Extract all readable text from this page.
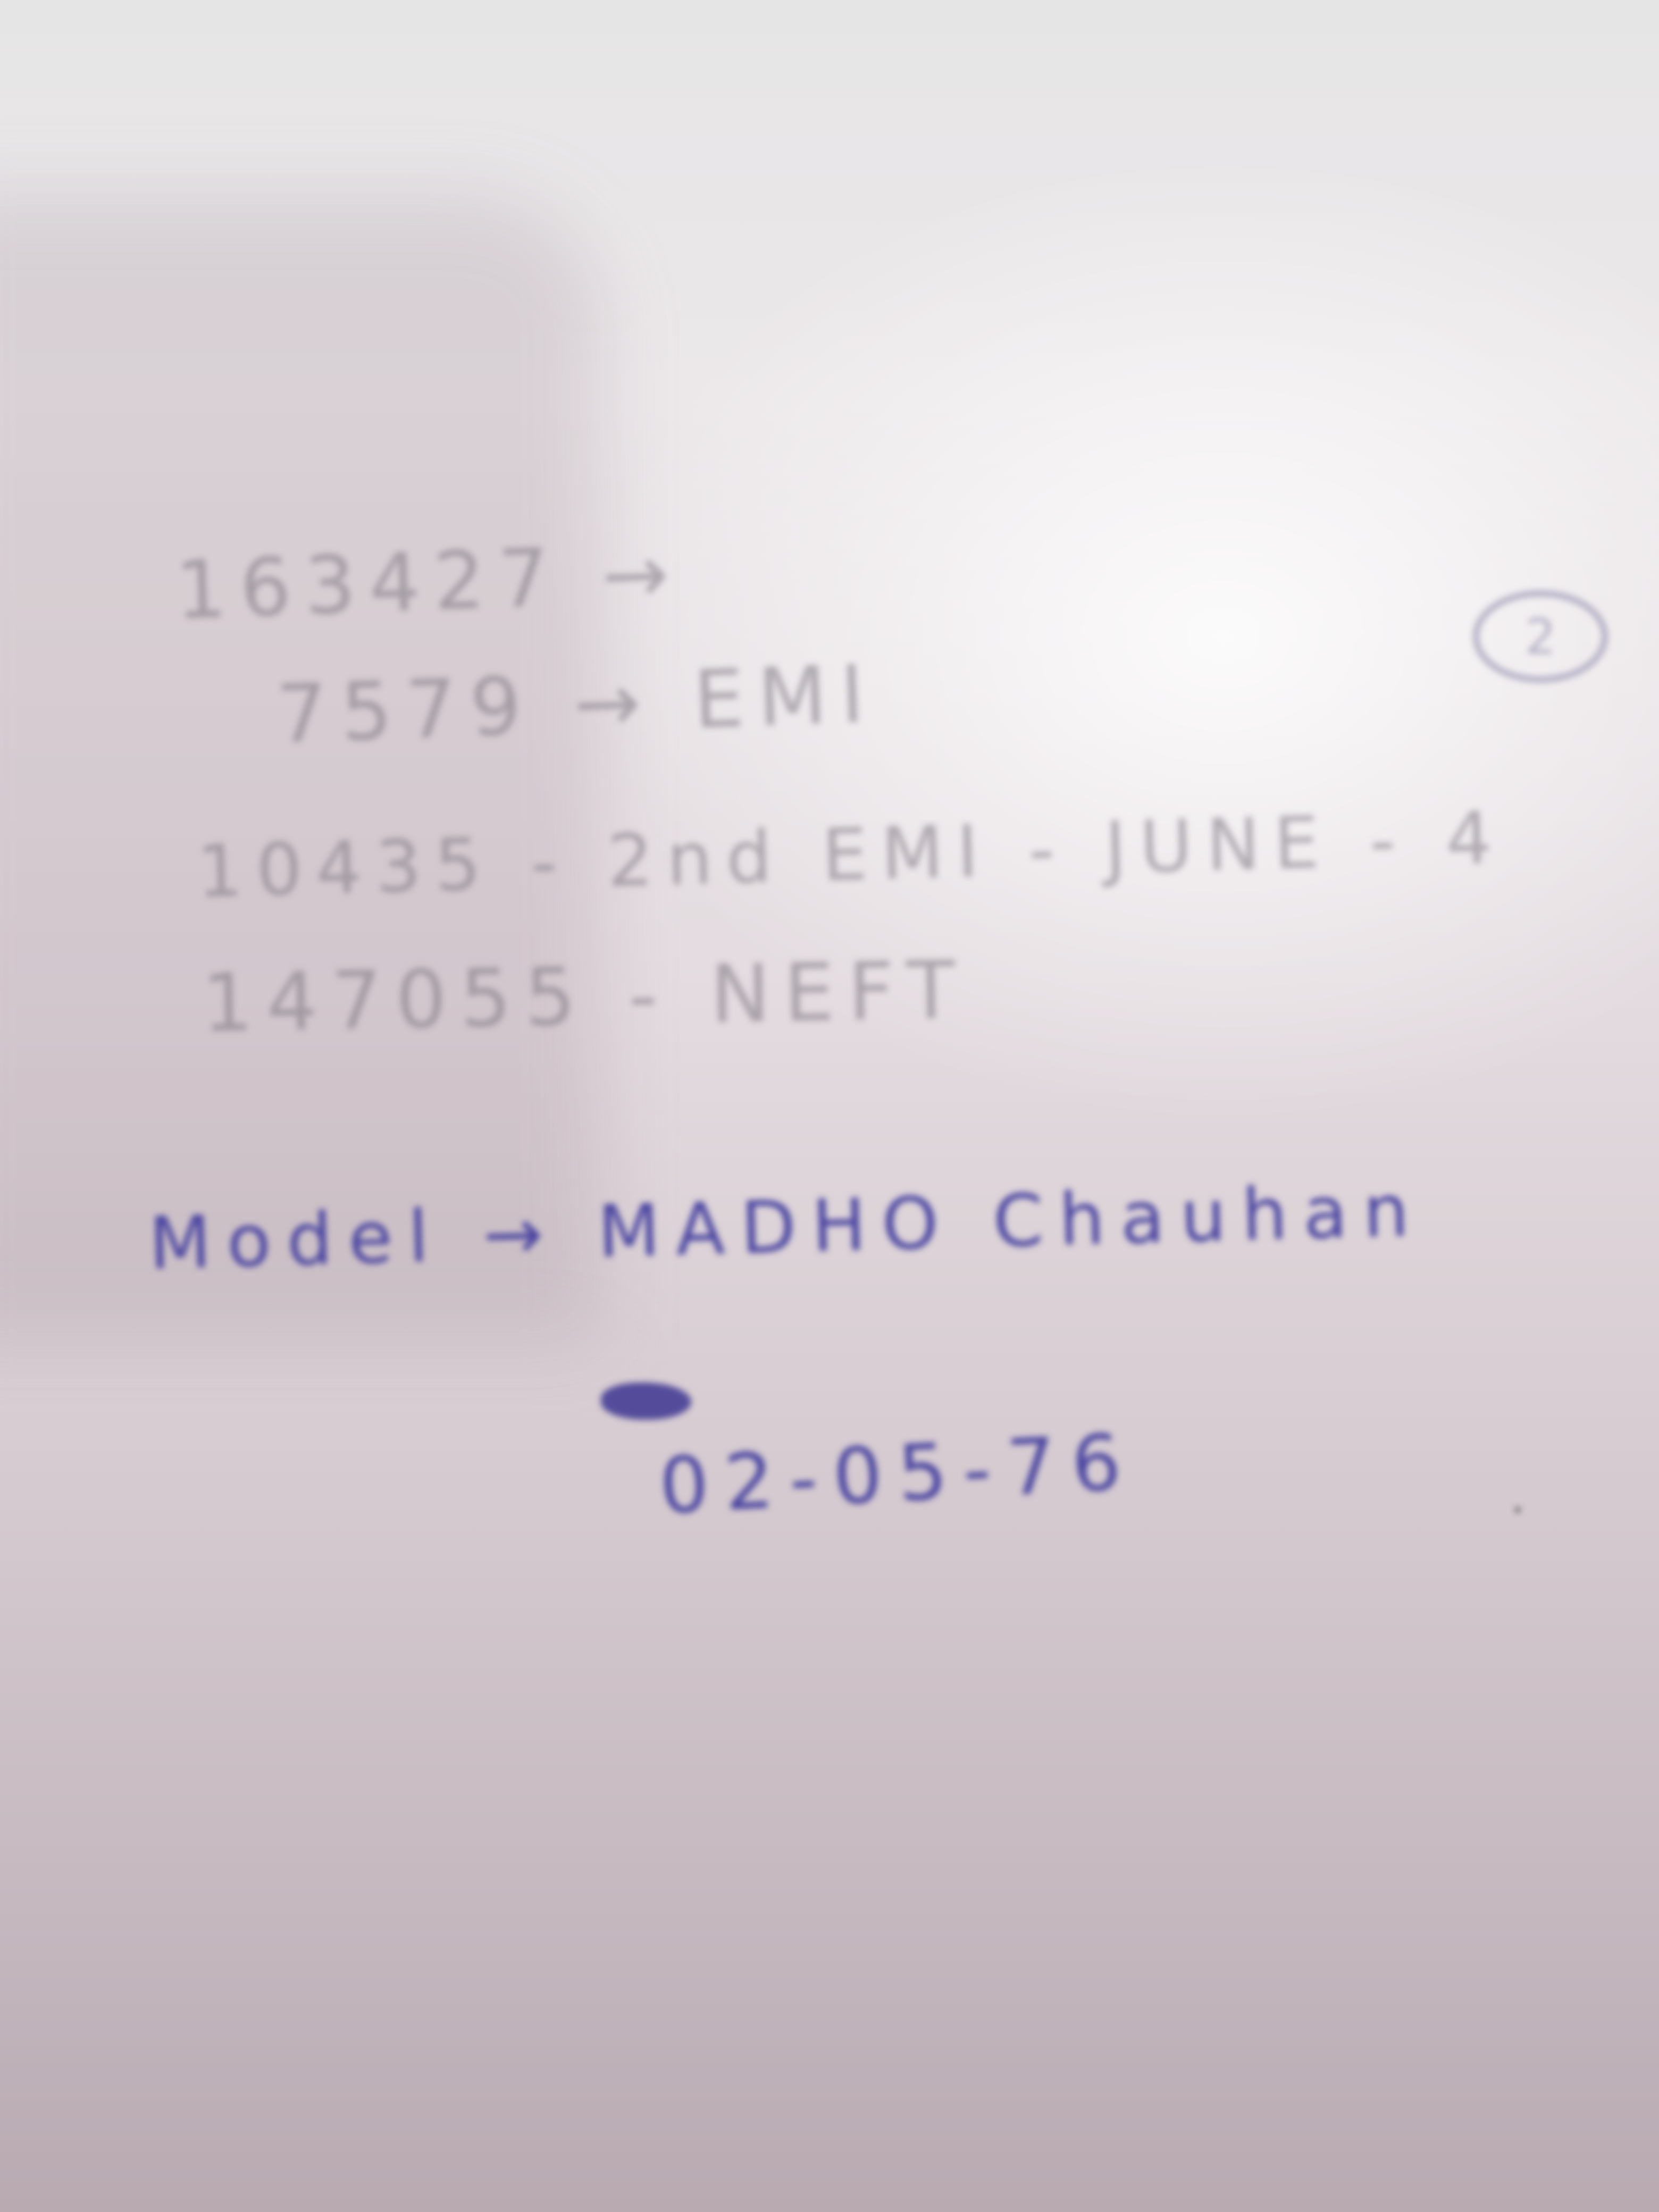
163427 →

7579 → EMI

2

10435 - 2nd EMI - JUNE - 4

147055 - NEFT

Model → MADHO Chauhan

02-05-76
